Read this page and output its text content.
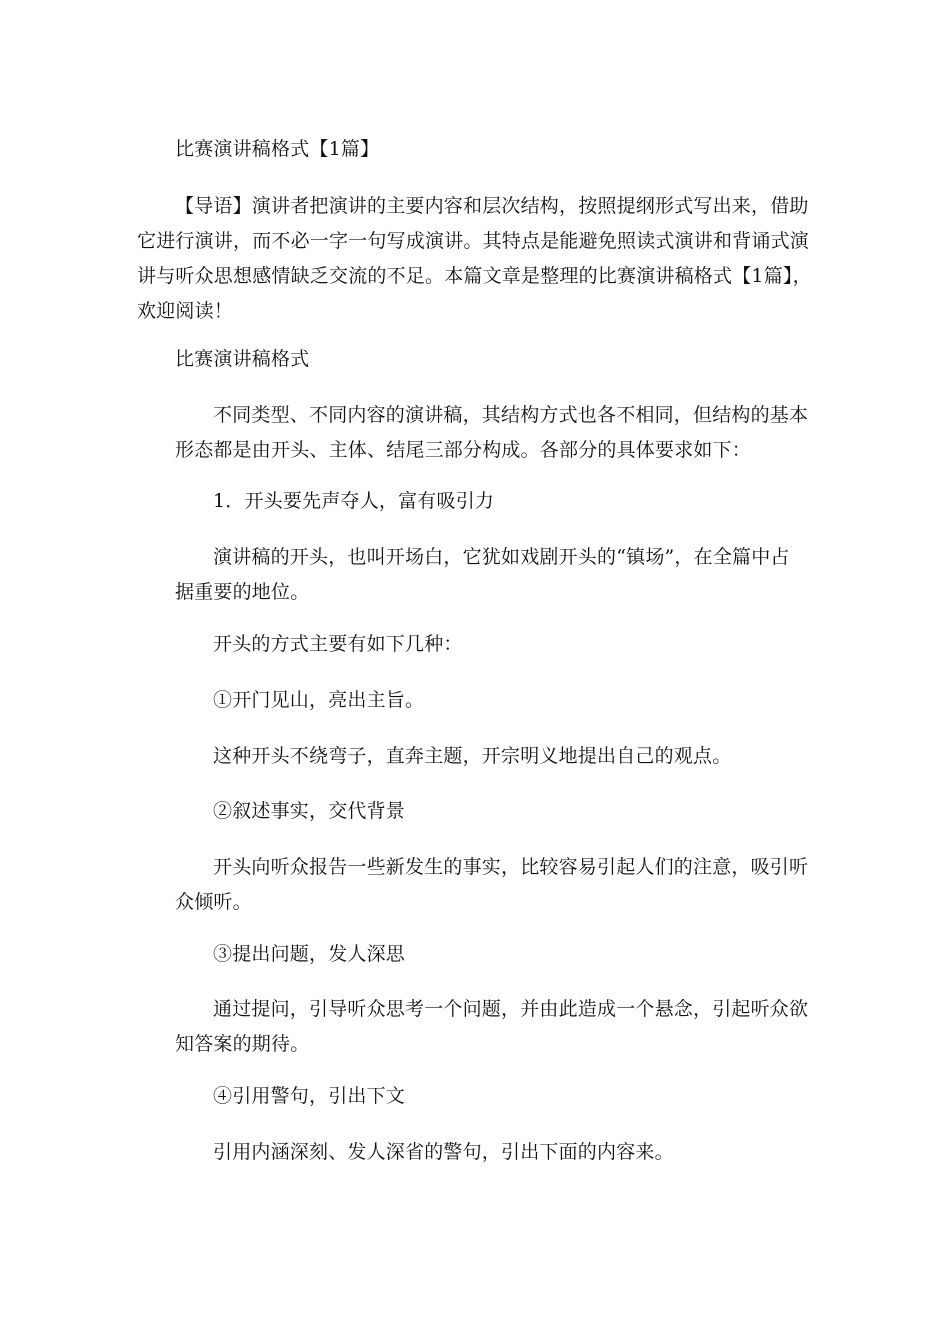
比赛演讲稿格式【1篇】
【导语】演讲者把演讲的主要内容和层次结构，按照提纲形式写出来，借助
它进行演讲，而不必一字一句写成演讲。其特点是能避免照读式演讲和背诵式演
讲与听众思想感情缺乏交流的不足。本篇文章是整理的比赛演讲稿格式【1篇】，
欢迎阅读！
比赛演讲稿格式
不同类型、不同内容的演讲稿，其结构方式也各不相同，但结构的基本
形态都是由开头、主体、结尾三部分构成。各部分的具体要求如下：
1．开头要先声夺人，富有吸引力
演讲稿的开头，也叫开场白，它犹如戏剧开头的“镇场”，在全篇中占
据重要的地位。
开头的方式主要有如下几种：
①开门见山，亮出主旨。
这种开头不绕弯子，直奔主题，开宗明义地提出自己的观点。
②叙述事实，交代背景
开头向听众报告一些新发生的事实，比较容易引起人们的注意，吸引听
众倾听。
③提出问题，发人深思
通过提问，引导听众思考一个问题，并由此造成一个悬念，引起听众欲
知答案的期待。
④引用警句，引出下文
引用内涵深刻、发人深省的警句，引出下面的内容来。
